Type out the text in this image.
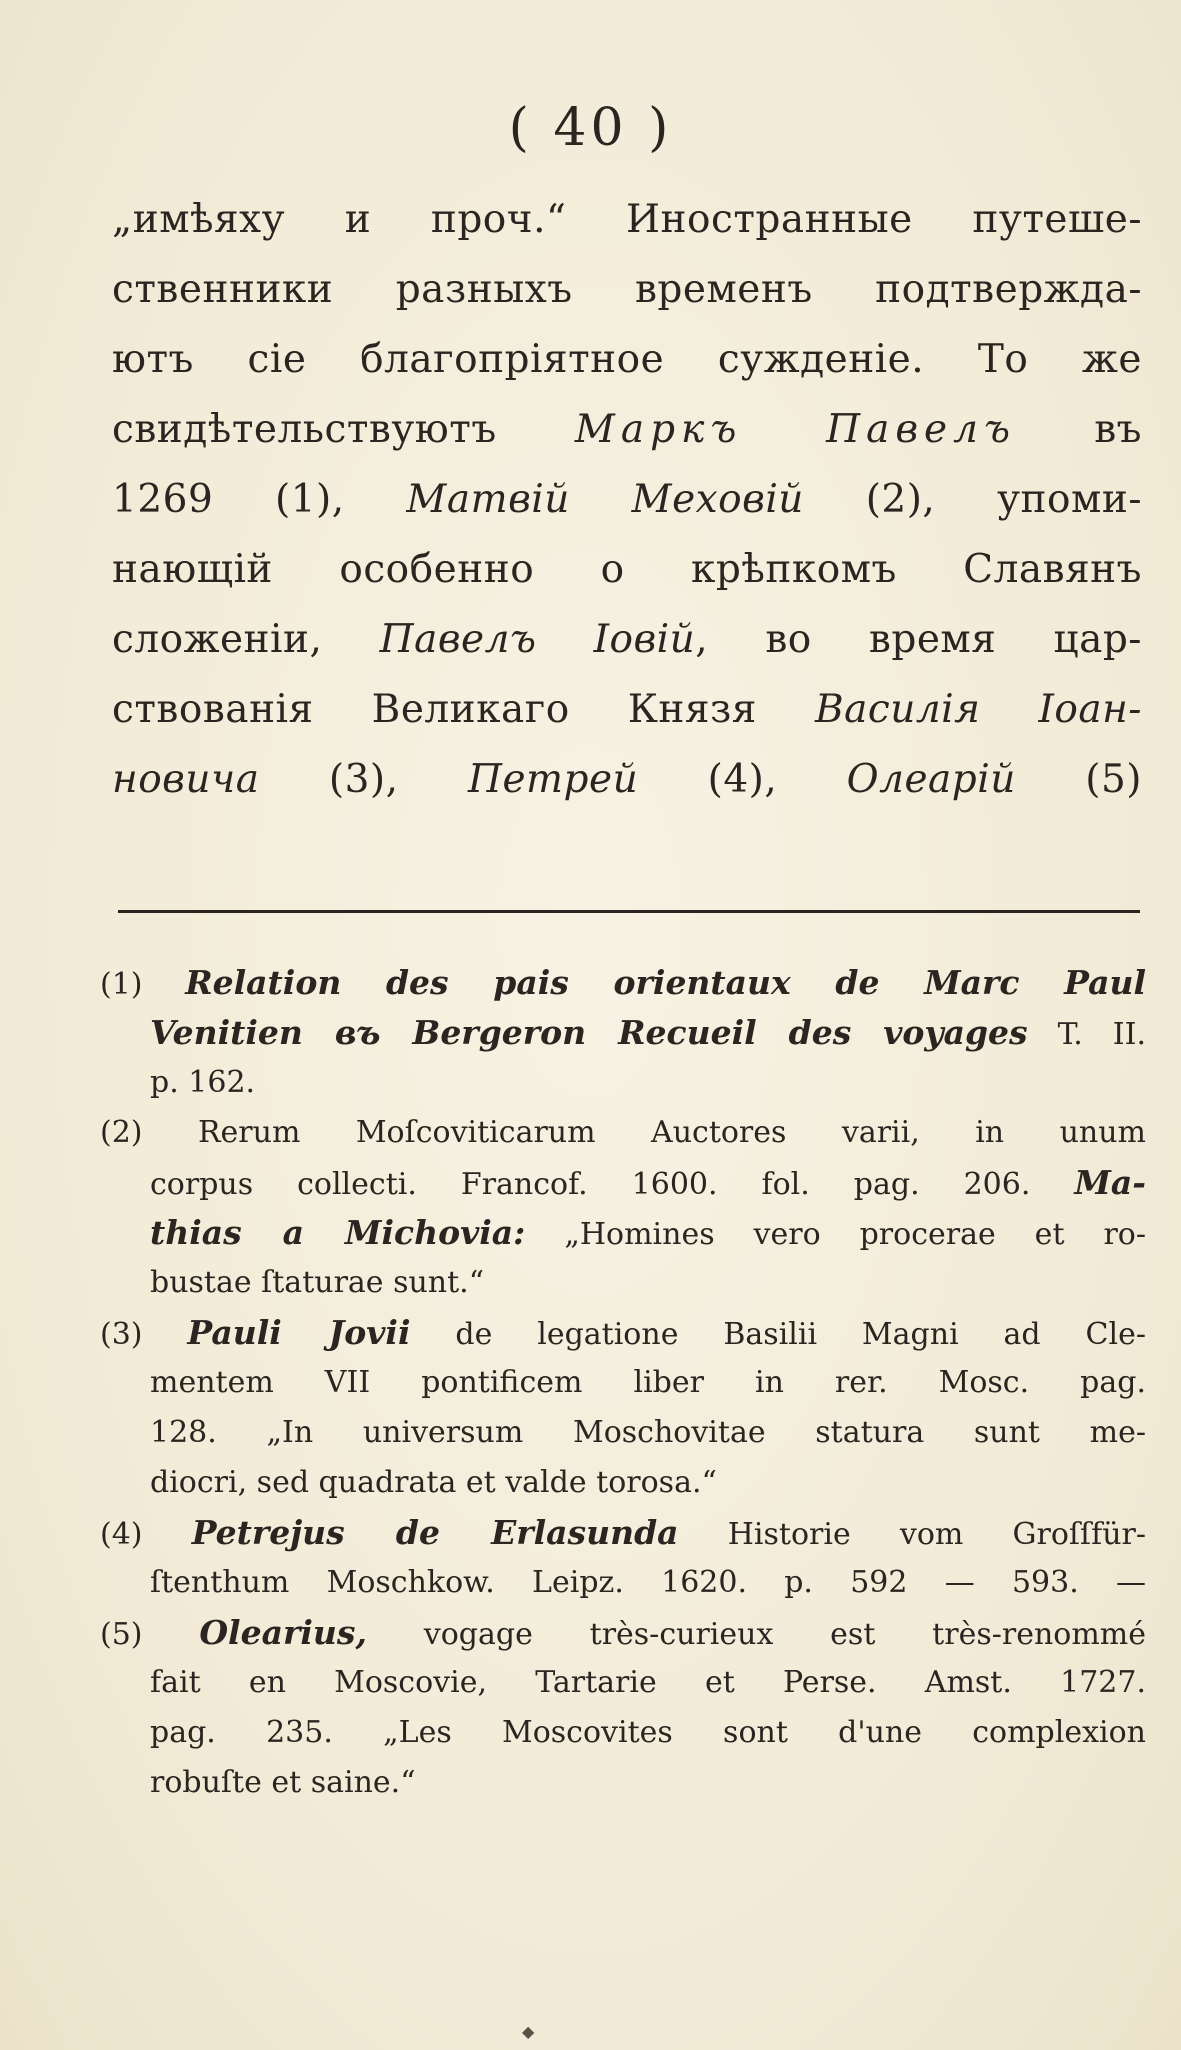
( 40 )
„имѣяху и проч.“ Иностранные путеше-
ственники разныхъ временъ подтвержда-
ютъ сіе благопріятное сужденіе. То же
свидѣтельствуютъ Маркъ Павелъ въ
1269 (1), Матвій Меховій (2), упоми-
нающій особенно о крѣпкомъ Славянъ
сложеніи, Павелъ Іовій, во время цар-
ствованія Великаго Князя Василія Іоан-
новича (3), Петрей (4), Олеарій (5)
(1) Relation des pais orientaux de Marc Paul
Venitien въ Bergeron Recueil des voyages T. II.
p. 162.
(2) Rerum Moſcoviticarum Auctores varii, in unum
corpus collecti. Francof. 1600. fol. pag. 206. Ma-
thias a Michovia: „Homines vero procerae et ro-
bustae ſtaturae sunt.“
(3) Pauli Jovii de legatione Basilii Magni ad Cle-
mentem VII pontificem liber in rer. Mosc. pag.
128. „In universum Moschovitae statura sunt me-
diocri, sed quadrata et valde torosa.“
(4) Petrejus de Erlasunda Historie vom Groſſfür-
ſtenthum Moschkow. Leipz. 1620. p. 592 — 593. —
(5) Olearius, vogage très-curieux est très-renommé
fait en Moscovie, Tartarie et Perse. Amst. 1727.
pag. 235. „Les Moscovites sont d'une complexion
robuſte et saine.“
◆
